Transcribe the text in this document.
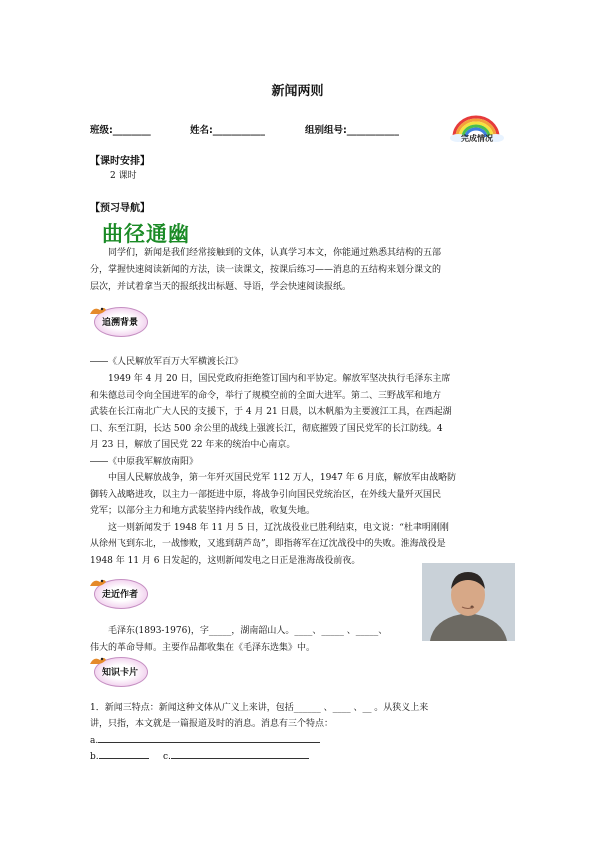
新闻两则
班级:________	姓名:___________	组别组号:___________
完成情况
【课时安排】
2 课时
【预习导航】
曲径通幽
　　同学们，新闻是我们经常接触到的文体，认真学习本文，你能通过熟悉其结构的五部
分，掌握快速阅读新闻的方法，读一读课文，按课后练习——消息的五结构来划分课文的
层次，并试着拿当天的报纸找出标题、导语，学会快速阅读报纸。
追溯背景
――《人民解放军百万大军横渡长江》
　　1949 年 4 月 20 日，国民党政府拒绝签订国内和平协定。解放军坚决执行毛泽东主席
和朱德总司令向全国进军的命令，举行了规模空前的全面大进军。第二、三野战军和地方
武装在长江南北广大人民的支援下，于 4 月 21 日晨，以木帆船为主要渡江工具，在西起湖
口、东至江阴，长达 500 余公里的战线上强渡长江，彻底摧毁了国民党军的长江防线。4
月 23 日，解放了国民党 22 年来的统治中心南京。
――《中原我军解放南阳》
　　中国人民解放战争，第一年歼灭国民党军 112 万人，1947 年 6 月底，解放军由战略防
御转入战略进攻，以主力一部挺进中原，将战争引向国民党统治区，在外线大量歼灭国民
党军；以部分主力和地方武装坚持内线作战，收复失地。
　　这一则新闻发于 1948 年 11 月 5 日，辽沈战役业已胜利结束，电文说：“杜聿明刚刚
从徐州飞到东北，一战惨败，又逃到葫芦岛”，即指蒋军在辽沈战役中的失败。淮海战役是
1948 年 11 月 6 日发起的，这则新闻发电之日正是淮海战役前夜。
走近作者
　　毛泽东(1893-1976)，字_____，湖南韶山人。____、_____ 、_____、
伟大的革命导师。主要作品都收集在《毛泽东选集》中。
知识卡片
1．新闻三特点：新闻这种文体从广义上来讲，包括______ 、____ 、__ 。从狭义上来
讲，只指，本文就是一篇报道及时的消息。消息有三个特点：
a.
b.	c.
